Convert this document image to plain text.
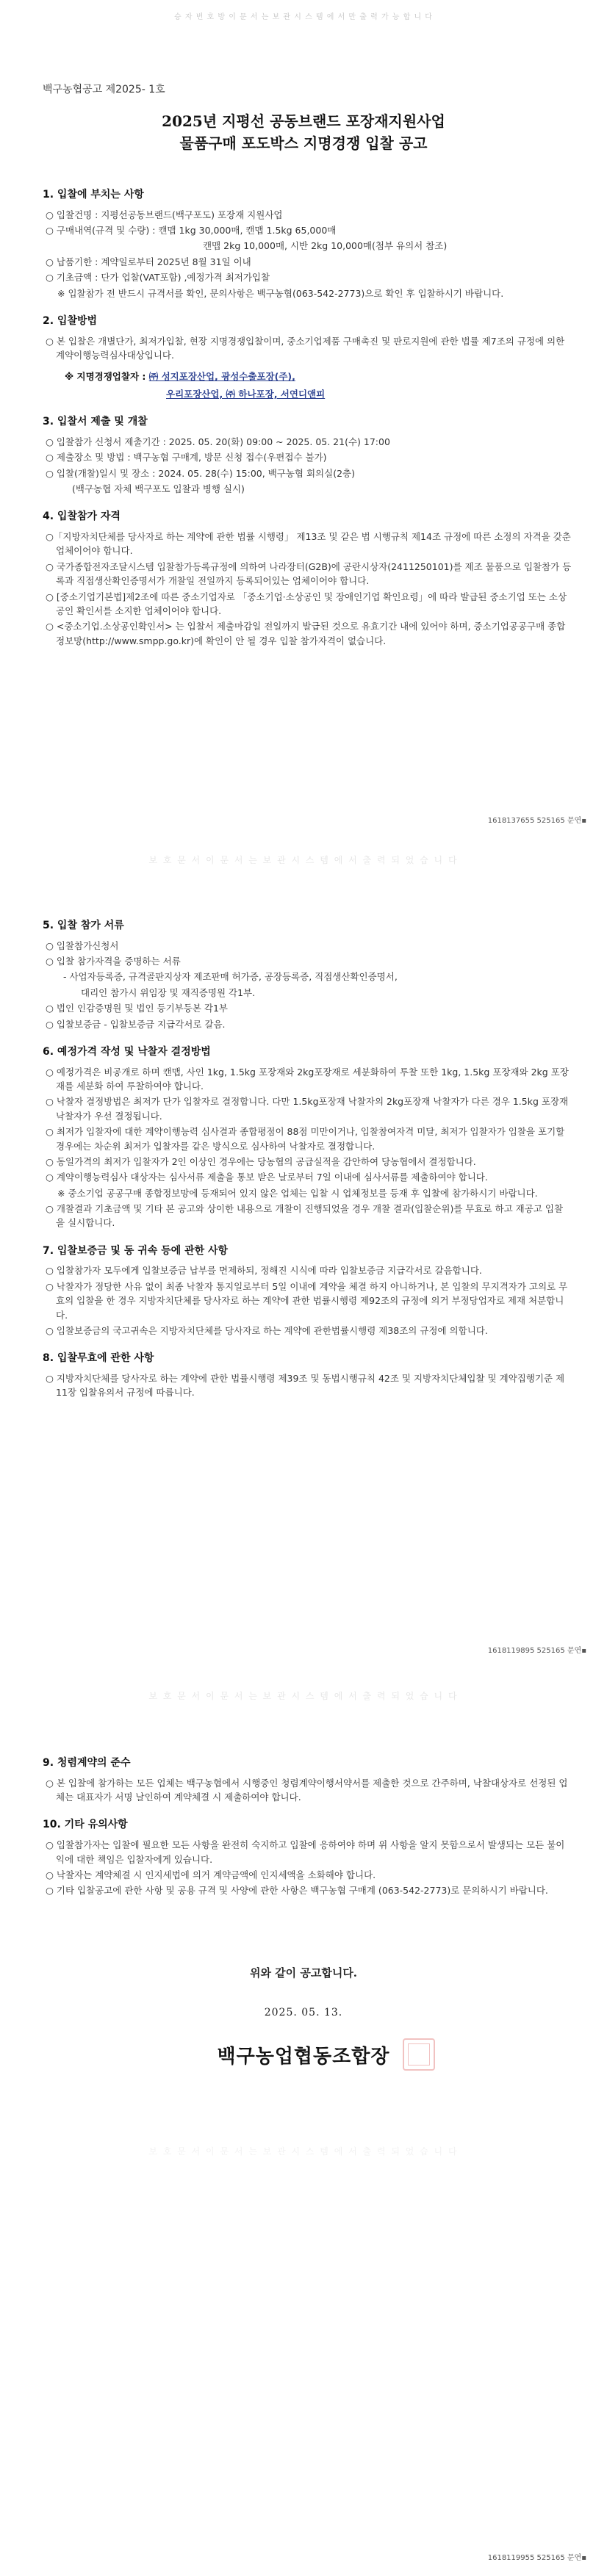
승 자 번 호 방 이 문 서 는 보 관 시 스 템 에 서 만 출 력 가 능 합 니 다
백구농협공고 제2025- 1호
2025년 지평선 공동브랜드 포장재지원사업
물품구매 포도박스 지명경쟁 입찰 공고
1. 입찰에 부치는 사항
○ 입찰건명 : 지평선공동브랜드(백구포도) 포장재 지원사업
○ 구매내역(규격 및 수량) : 캔맵 1kg 30,000매, 캔맵 1.5kg 65,000매
캔맵 2kg 10,000매, 시반 2kg 10,000매(첨부 유의서 참조)
○ 납품기한 : 계약일로부터 2025년 8월 31일 이내
○ 기초금액 : 단가 업찰(VAT포함) ,예정가격 최저가입찰
※ 입찰참가 전 반드시 규격서를 확인, 문의사항은 백구농협(063-542-2773)으로 확인 후 입찰하시기 바랍니다.
2. 입찰방법
○ 본 입찰은 개별단가, 최저가입찰, 현장 지명경쟁입찰이며, 중소기업제품 구매촉진 및 판로지원에 관한 법률 제7조의 규정에 의한 계약이행능력심사대상입니다.
※ 지명경쟁업찰자 : ㈜ 성지포장산업, 광성수출포장(주),
우리포장산업, ㈜ 하나포장, 서연디앤피
3. 입찰서 제출 및 개찰
○ 입찰참가 신청서 제출기간 : 2025. 05. 20(화) 09:00 ~ 2025. 05. 21(수) 17:00
○ 제출장소 및 방법 : 백구농협 구매계, 방문 신청 접수(우편접수 불가)
○ 입찰(개찰)일시 및 장소 : 2024. 05. 28(수) 15:00, 백구농협 회의실(2층)
(백구농협 자체 백구포도 입찰과 병행 실시)
4. 입찰참가 자격
○「지방자치단체를 당사자로 하는 계약에 관한 법률 시행령」 제13조 및 같은 법 시행규칙 제14조 규정에 따른 소정의 자격을 갖춘 업체이어야 합니다.
○ 국가종합전자조달시스템 입찰참가등록규정에 의하여 나라장터(G2B)에 공란시상자(2411250101)를 제조 물품으로 입찰참가 등록과 직접생산확인증명서가 개찰일 전일까지 등록되어있는 업체이어야 합니다.
○ [중소기업기본법]제2조에 따른 중소기업자로 「중소기업·소상공인 및 장애인기업 확인요령」에 따라 발급된 중소기업 또는 소상공인 확인서를 소지한 업체이어야 합니다.
○ <중소기업.소상공인확인서> 는 입찰서 제출마감일 전일까지 발급된 것으로 유효기간 내에 있어야 하며, 중소기업공공구매 종합정보망(http://www.smpp.go.kr)에 확인이 안 될 경우 입찰 참가자격이 없습니다.
1618137655 525165 문연▪
보 호 문 서 이 문 서 는 보 관 시 스 템 에 서 출 력 되 었 습 니 다
5. 입찰 참가 서류
○ 입찰참가신청서
○ 입찰 참가자격을 증명하는 서류
- 사업자등록증, 규격골판지상자 제조판매 허가증, 공장등록증, 직접생산확인증명서,
대리인 참가시 위임장 및 재직증명원 각1부.
○ 법인 인감증명원 및 법인 등기부등본 각1부
○ 입찰보증금 - 입찰보증금 지급각서로 갈음.
6. 예정가격 작성 및 낙찰자 결정방법
○ 예정가격은 비공개로 하며 캔맵, 사인 1kg, 1.5kg 포장재와 2kg포장재로 세분화하여 투찰 또한 1kg, 1.5kg 포장재와 2kg 포장재를 세분화 하여 투찰하여야 합니다.
○ 낙찰자 결정방법은 최저가 단가 입찰자로 결정합니다. 다만 1.5kg포장재 낙찰자의 2kg포장재 낙찰자가 다른 경우 1.5kg 포장재 낙찰자가 우선 결정됩니다.
○ 최저가 입찰자에 대한 계약이행능력 심사결과 종합평점이 88점 미만이거나, 입찰참여자격 미달, 최저가 입찰자가 입찰을 포기할 경우에는 차순위 최저가 입찰자를 같은 방식으로 심사하여 낙찰자로 결정합니다.
○ 동일가격의 최저가 입찰자가 2인 이상인 경우에는 당농협의 공급실적을 감안하여 당농협에서 결정합니다.
○ 계약이행능력심사 대상자는 심사서류 제출을 통보 받은 날로부터 7일 이내에 심사서류를 제출하여야 합니다.
※ 중소기업 공공구매 종합정보망에 등재되어 있지 않은 업체는 입찰 시 업체정보를 등재 후 입찰에 참가하시기 바랍니다.
○ 개찰결과 기초금액 및 기타 본 공고와 상이한 내용으로 개찰이 진행되었을 경우 개찰 결과(입찰순위)를 무효로 하고 재공고 입찰을 실시합니다.
7. 입찰보증금 및 동 귀속 등에 관한 사항
○ 입찰참가자 모두에게 입찰보증금 납부를 면제하되, 정해진 시식에 따라 입찰보증금 지급각서로 갈음합니다.
○ 낙찰자가 정당한 사유 없이 최종 낙찰자 통지일로부터 5일 이내에 계약을 체결 하지 아니하거나, 본 입찰의 무지격자가 고의로 무효의 입찰을 한 경우 지방자치단체를 당사자로 하는 계약에 관한 법률시행령 제92조의 규정에 의거 부정당업자로 제재 처분합니다.
○ 입찰보증금의 국고귀속은 지방자치단체를 당사자로 하는 계약에 관한법률시행령 제38조의 규정에 의합니다.
8. 입찰무효에 관한 사항
○ 지방자치단체를 당사자로 하는 계약에 관한 법률시행령 제39조 및 동법시행규칙 42조 및 지방자치단체입찰 및 계약집행기준 제11장 입찰유의서 규정에 따릅니다.
1618119895 525165 문연▪
보 호 문 서 이 문 서 는 보 관 시 스 템 에 서 출 력 되 었 습 니 다
9. 청렴계약의 준수
○ 본 입찰에 참가하는 모든 업체는 백구농협에서 시행중인 청렴계약이행서약서를 제출한 것으로 간주하며, 낙찰대상자로 선정된 업체는 대표자가 서명 날인하여 계약체결 시 제출하여야 합니다.
10. 기타 유의사항
○ 입찰참가자는 입찰에 필요한 모든 사항을 완전히 숙지하고 입찰에 응하여야 하며 위 사항을 알지 못함으로서 발생되는 모든 불이익에 대한 책임은 입찰자에게 있습니다.
○ 낙찰자는 계약체결 시 인지세법에 의거 계약금액에 인지세액을 소화해야 합니다.
○ 기타 입찰공고에 관한 사항 및 공용 규격 및 사양에 관한 사항은 백구농협 구매계 (063-542-2773)로 문의하시기 바랍니다.
위와 같이 공고합니다.
2025. 05. 13.
백구농업협동조합장
보 호 문 서 이 문 서 는 보 관 시 스 템 에 서 출 력 되 었 습 니 다
1618119955 525165 문연▪
